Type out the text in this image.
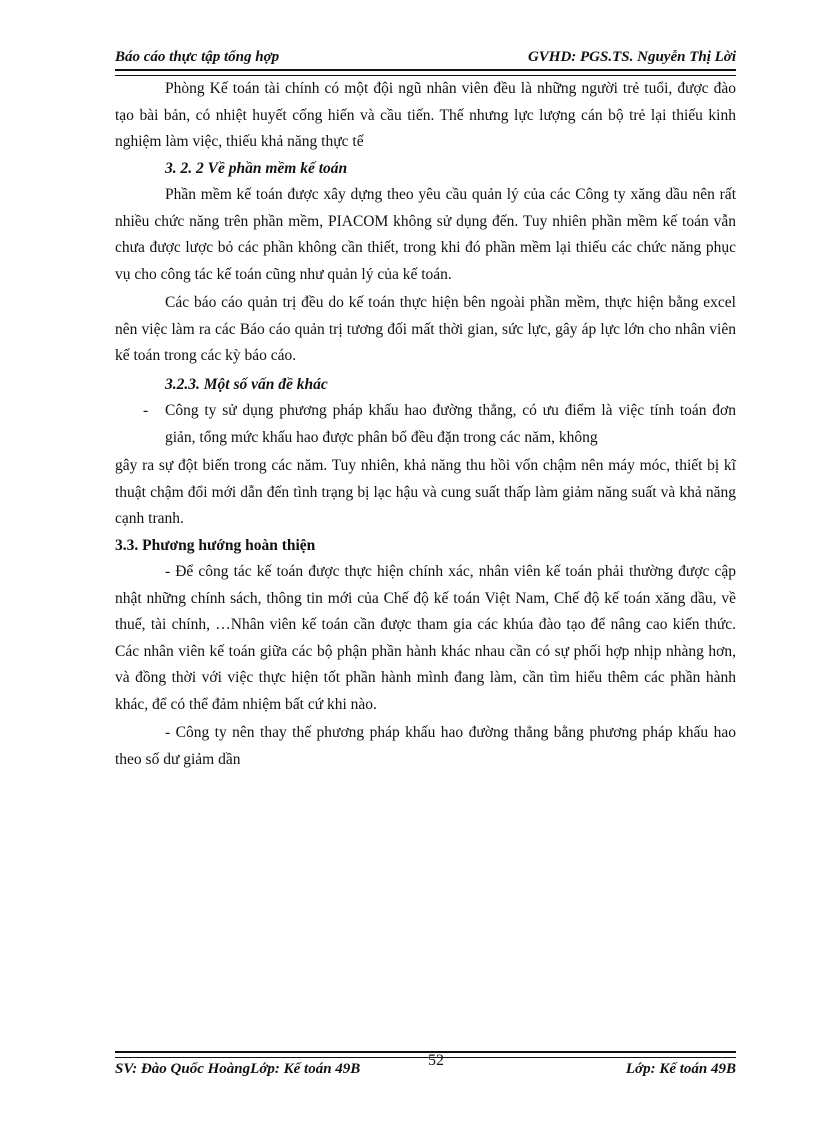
Báo cáo thực tập tổng hợp	GVHD: PGS.TS. Nguyễn Thị Lời

Phòng Kế toán tài chính có một đội ngũ nhân viên đều là những người trẻ tuổi, được đào tạo bài bản, có nhiệt huyết cống hiến và cầu tiến. Thế nhưng lực lượng cán bộ trẻ lại thiếu kinh nghiệm làm việc, thiếu khả năng thực tế

3. 2. 2 Về phần mềm kế toán

Phần mềm kế toán được xây dựng theo yêu cầu quản lý của các Công ty xăng dầu nên rất nhiều chức năng trên phần mềm, PIACOM không sử dụng đến. Tuy nhiên phần mềm kế toán vẫn chưa được lược bỏ các phần không cần thiết, trong khi đó phần mềm lại thiếu các chức năng phục vụ cho công tác kế toán cũng như quản lý của kế toán.

Các báo cáo quản trị đều do kế toán thực hiện bên ngoài phần mềm, thực hiện bằng excel nên việc làm ra các Báo cáo quản trị tương đối mất thời gian, sức lực, gây áp lực lớn cho nhân viên kế toán trong các kỳ báo cáo.

3.2.3. Một số vấn đề khác

-	Công ty sử dụng phương pháp khấu hao đường thẳng, có ưu điểm là việc tính toán đơn giản, tổng mức khấu hao được phân bổ đều đặn trong các năm, không

gây ra sự đột biến trong các năm. Tuy nhiên, khả năng thu hồi vốn chậm nên máy móc, thiết bị kĩ thuật chậm đổi mới dẫn đến tình trạng bị lạc hậu và cung suất thấp làm giảm năng suất và khả năng cạnh tranh.

3.3. Phương hướng hoàn thiện

- Để công tác kế toán được thực hiện chính xác, nhân viên kế toán phải thường được cập nhật những chính sách, thông tin mới của Chế độ kế toán Việt Nam, Chế độ kế toán xăng dầu, về thuế, tài chính, …Nhân viên kế toán cần được tham gia các khúa đào tạo để nâng cao kiến thức. Các nhân viên kế toán giữa các bộ phận phần hành khác nhau cần có sự phối hợp nhịp nhàng hơn, và đồng thời với việc thực hiện tốt phần hành mình đang làm, cần tìm hiểu thêm các phần hành khác, để có thể đảm nhiệm bất cứ khi nào.

- Công ty nên thay thế phương pháp khấu hao đường thẳng bằng phương pháp khấu hao theo số dư giảm dần

SV: Đào Quốc HoàngLớp: Kế toán 49B	Lớp: Kế toán 49B
52
